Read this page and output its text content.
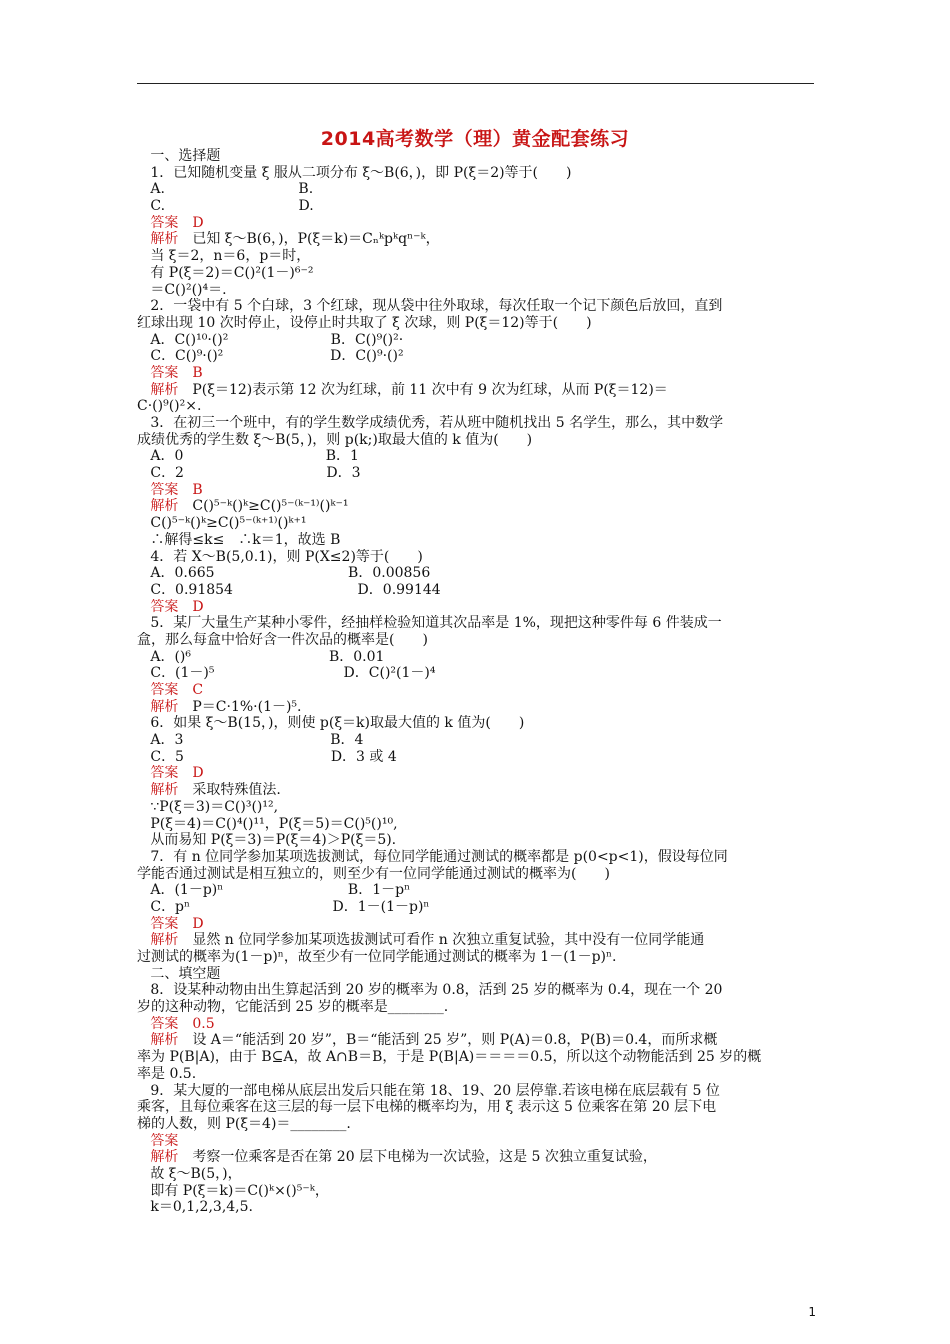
2014高考数学（理）黄金配套练习
一、选择题
1．已知随机变量 ξ 服从二项分布 ξ～B(6，)，即 P(ξ＝2)等于(　　)
A.                              B.
C.                              D.
答案　D
解析　已知 ξ～B(6，)，P(ξ＝k)＝Cₙᵏpᵏqⁿ⁻ᵏ，
当 ξ＝2，n＝6，p＝时，
有 P(ξ＝2)＝C()²(1－)⁶⁻²
＝C()²()⁴＝.
2．一袋中有 5 个白球，3 个红球，现从袋中往外取球，每次任取一个记下颜色后放回，直到
红球出现 10 次时停止，设停止时共取了 ξ 次球，则 P(ξ＝12)等于(　　)
A．C()¹⁰·()²                       B．C()⁹()²·
C．C()⁹·()²                        D．C()⁹·()²
答案　B
解析　P(ξ＝12)表示第 12 次为红球，前 11 次中有 9 次为红球，从而 P(ξ＝12)＝
C·()⁹()²×.
3．在初三一个班中，有的学生数学成绩优秀，若从班中随机找出 5 名学生，那么，其中数学
成绩优秀的学生数 ξ～B(5，)，则 p(k;)取最大值的 k 值为(　　)
A．0                                B．1
C．2                                D．3
答案　B
解析　C()⁵⁻ᵏ()ᵏ≥C()⁵⁻⁽ᵏ⁻¹⁾()ᵏ⁻¹
C()⁵⁻ᵏ()ᵏ≥C()⁵⁻⁽ᵏ⁺¹⁾()ᵏ⁺¹
∴解得≤k≤　∴k＝1，故选 B
4．若 X～B(5,0.1)，则 P(X≤2)等于(　　)
A．0.665                              B．0.00856
C．0.91854                            D．0.99144
答案　D
5．某厂大量生产某种小零件，经抽样检验知道其次品率是 1%，现把这种零件每 6 件装成一
盒，那么每盒中恰好含一件次品的概率是(　　)
A．()⁶                               B．0.01
C．(1－)⁵                             D．C()²(1－)⁴
答案　C
解析　P＝C·1%·(1－)⁵.
6．如果 ξ～B(15，)，则使 p(ξ＝k)取最大值的 k 值为(　　)
A．3                                 B．4
C．5                                 D．3 或 4
答案　D
解析　采取特殊值法.
∵P(ξ＝3)＝C()³()¹²,
P(ξ＝4)＝C()⁴()¹¹，P(ξ＝5)＝C()⁵()¹⁰,
从而易知 P(ξ＝3)＝P(ξ＝4)＞P(ξ＝5).
7．有 n 位同学参加某项选拔测试，每位同学能通过测试的概率都是 p(0<p<1)，假设每位同
学能否通过测试是相互独立的，则至少有一位同学能通过测试的概率为(　　)
A．(1－p)ⁿ                            B．1－pⁿ
C．pⁿ                                D．1－(1－p)ⁿ
答案　D
解析　显然 n 位同学参加某项选拔测试可看作 n 次独立重复试验，其中没有一位同学能通
过测试的概率为(1－p)ⁿ，故至少有一位同学能通过测试的概率为 1－(1－p)ⁿ.
二、填空题
8．设某种动物由出生算起活到 20 岁的概率为 0.8，活到 25 岁的概率为 0.4，现在一个 20
岁的这种动物，它能活到 25 岁的概率是________.
答案　0.5
解析　设 A＝“能活到 20 岁”，B＝“能活到 25 岁”，则 P(A)＝0.8，P(B)＝0.4，而所求概
率为 P(B|A)，由于 B⊆A，故 A∩B＝B，于是 P(B|A)＝＝＝＝0.5，所以这个动物能活到 25 岁的概
率是 0.5.
9．某大厦的一部电梯从底层出发后只能在第 18、19、20 层停靠.若该电梯在底层载有 5 位
乘客，且每位乘客在这三层的每一层下电梯的概率均为，用 ξ 表示这 5 位乘客在第 20 层下电
梯的人数，则 P(ξ＝4)＝________.
答案
解析　考察一位乘客是否在第 20 层下电梯为一次试验，这是 5 次独立重复试验，
故 ξ～B(5，)，
即有 P(ξ＝k)＝C()ᵏ×()⁵⁻ᵏ，
k＝0,1,2,3,4,5.
1
